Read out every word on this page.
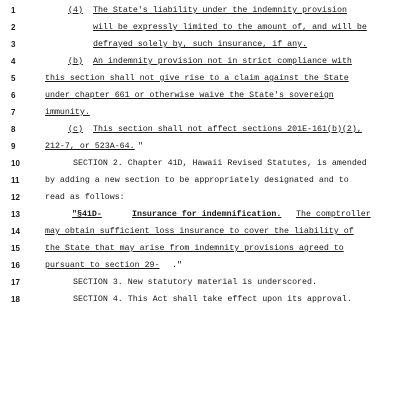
1	(4) The State's liability under the indemnity provision
2	will be expressly limited to the amount of, and will be
3	defrayed solely by, such insurance, if any.
4	(b) An indemnity provision not in strict compliance with
5	this section shall not give rise to a claim against the State
6	under chapter 661 or otherwise waive the State's sovereign
7	immunity.
8	(c) This section shall not affect sections 201E-161(b)(2),
9	212-7, or 523A-64. "
10	SECTION 2. Chapter 41D, Hawaii Revised Statutes, is amended
11	by adding a new section to be appropriately designated and to
12	read as follows:
13	"§41D-	Insurance for indemnification. The comptroller
14	may obtain sufficient loss insurance to cover the liability of
15	the State that may arise from indemnity provisions agreed to
16	pursuant to section 29- ."
17	SECTION 3. New statutory material is underscored.
18	SECTION 4. This Act shall take effect upon its approval.
